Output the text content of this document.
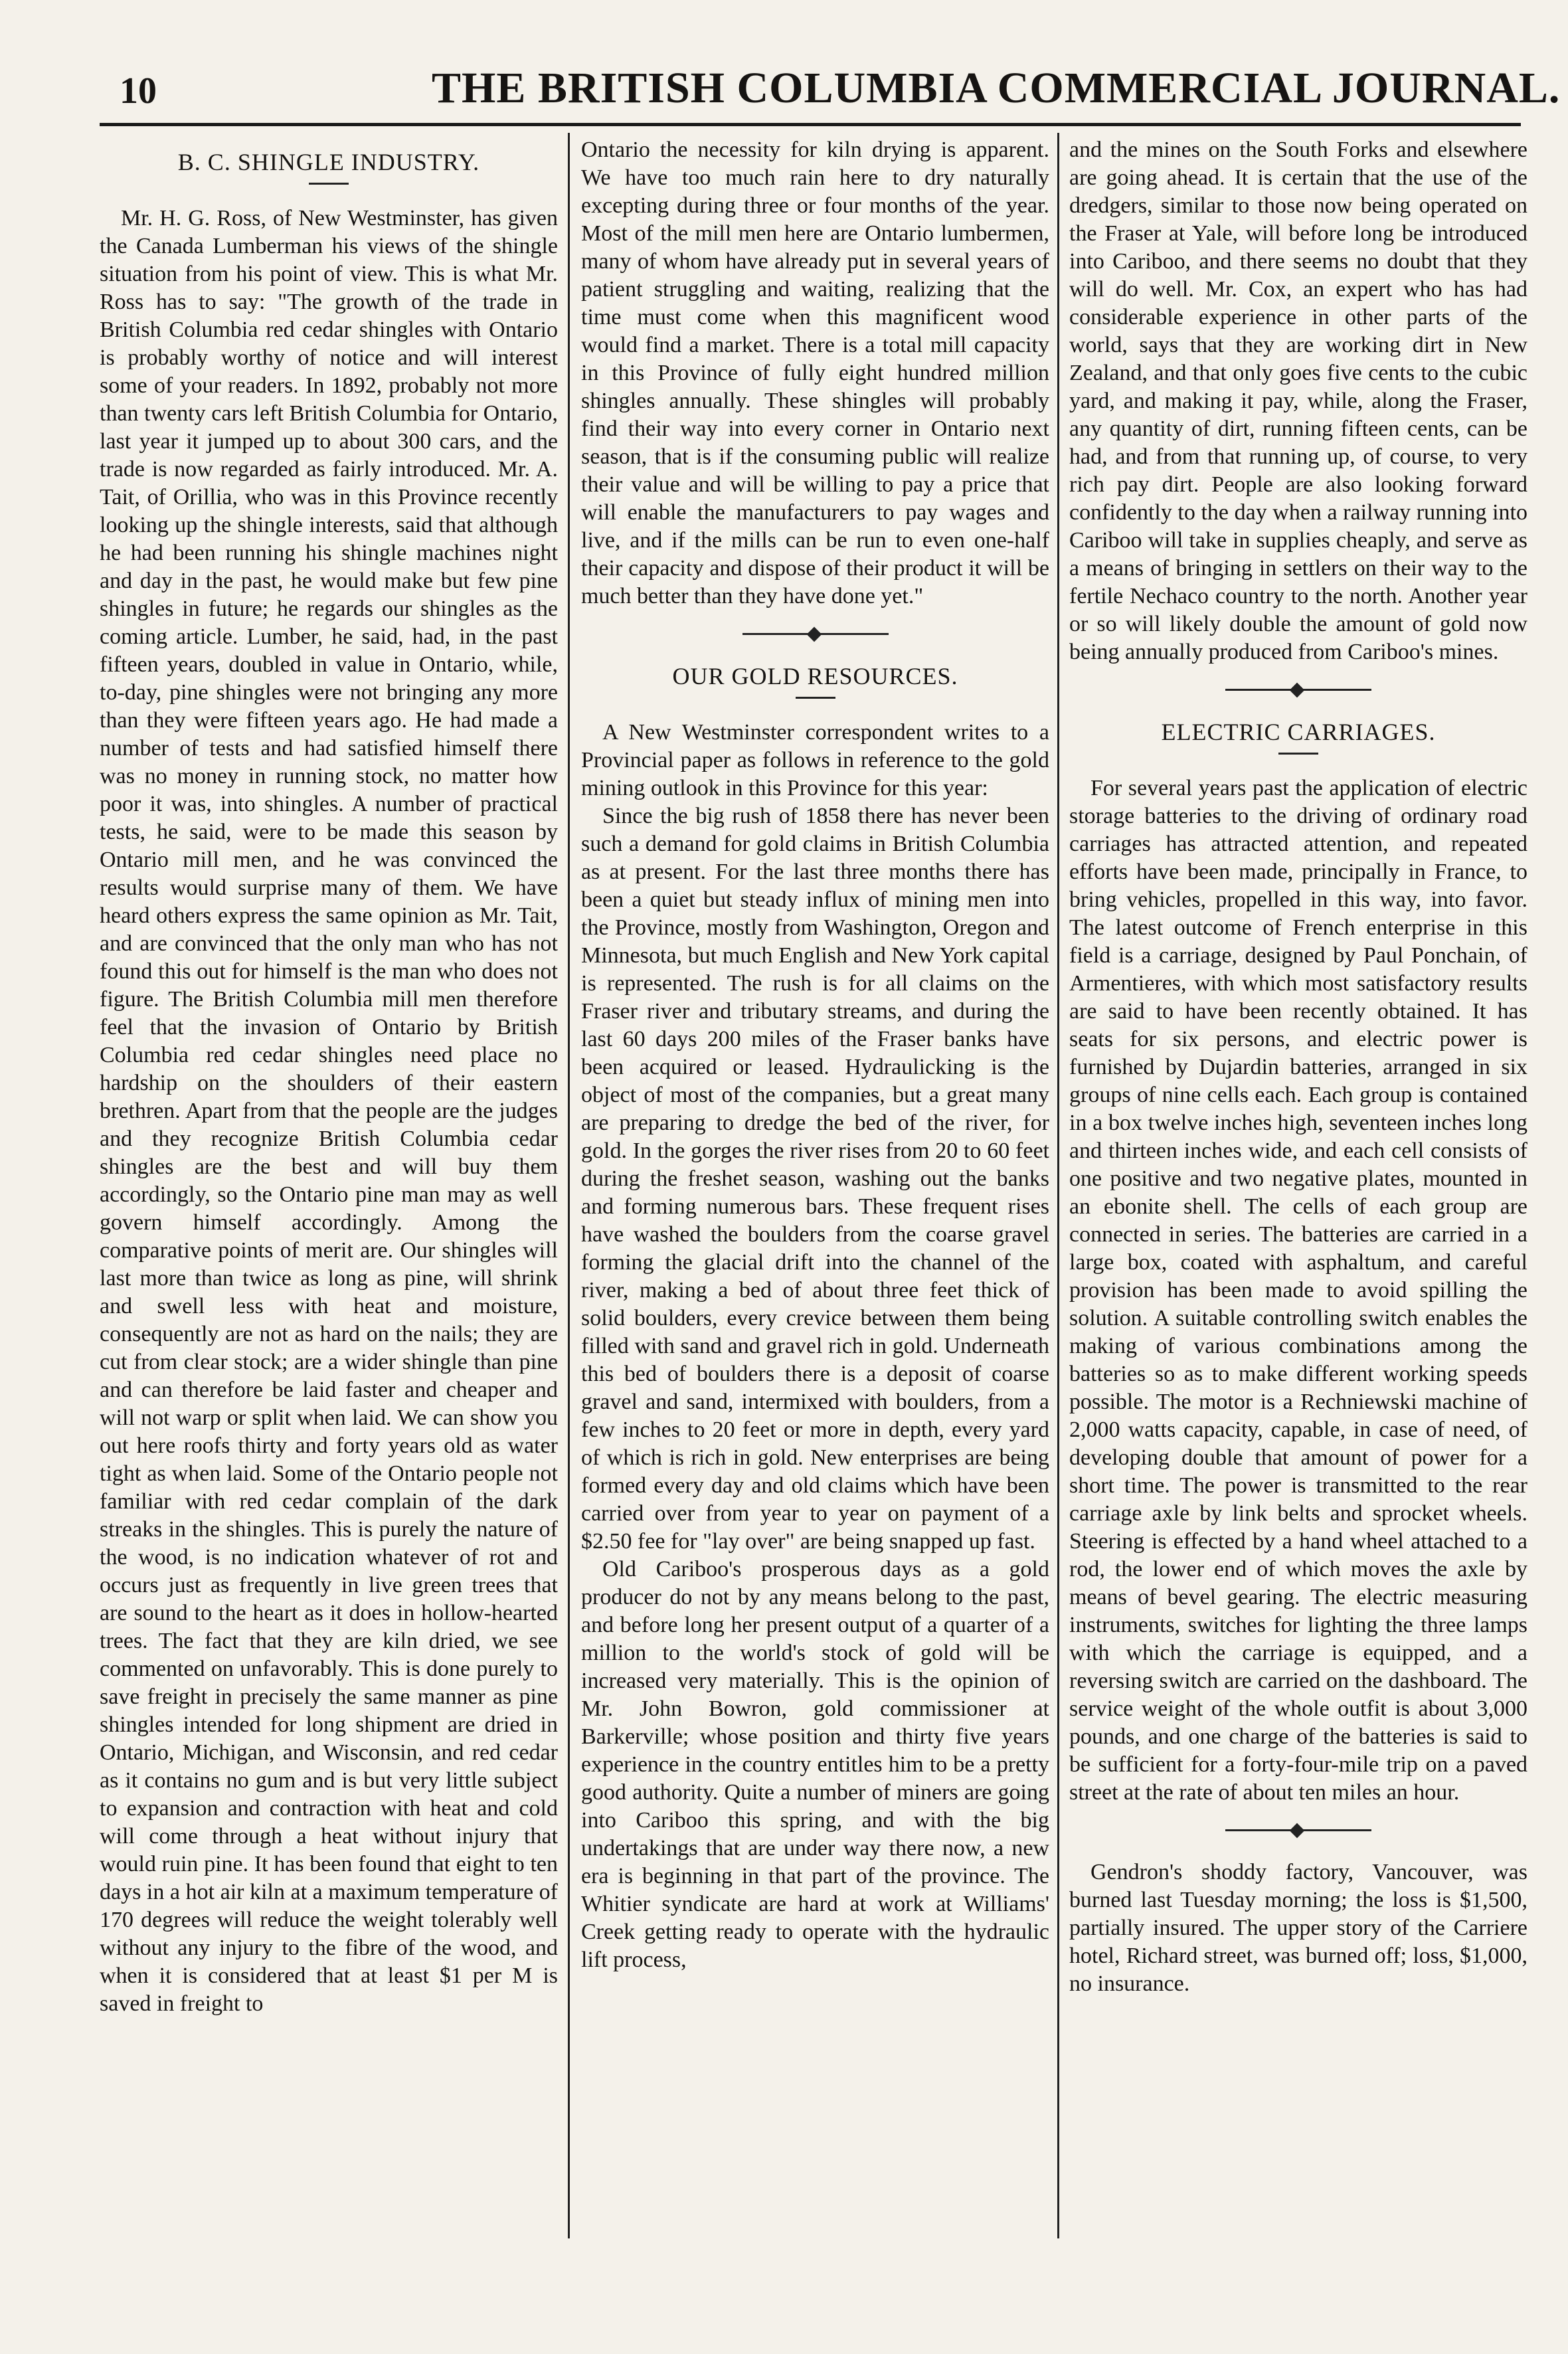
10	THE BRITISH COLUMBIA COMMERCIAL JOURNAL.
B. C. SHINGLE INDUSTRY.

Mr. H. G. Ross, of New Westminster, has given the Canada Lumberman his views of the shingle situation from his point of view. This is what Mr. Ross has to say: "The growth of the trade in British Columbia red cedar shingles with Ontario is probably worthy of notice and will interest some of your readers. In 1892, probably not more than twenty cars left British Columbia for Ontario, last year it jumped up to about 300 cars, and the trade is now regarded as fairly introduced. Mr. A. Tait, of Orillia, who was in this Province recently looking up the shingle interests, said that although he had been running his shingle machines night and day in the past, he would make but few pine shingles in future; he regards our shingles as the coming article. Lumber, he said, had, in the past fifteen years, doubled in value in Ontario, while, to-day, pine shingles were not bringing any more than they were fifteen years ago. He had made a number of tests and had satisfied himself there was no money in running stock, no matter how poor it was, into shingles. A number of practical tests, he said, were to be made this season by Ontario mill men, and he was convinced the results would surprise many of them. We have heard others express the same opinion as Mr. Tait, and are convinced that the only man who has not found this out for himself is the man who does not figure. The British Columbia mill men therefore feel that the invasion of Ontario by British Columbia red cedar shingles need place no hardship on the shoulders of their eastern brethren. Apart from that the people are the judges and they recognize British Columbia cedar shingles are the best and will buy them accordingly, so the Ontario pine man may as well govern himself accordingly. Among the comparative points of merit are. Our shingles will last more than twice as long as pine, will shrink and swell less with heat and moisture, consequently are not as hard on the nails; they are cut from clear stock; are a wider shingle than pine and can therefore be laid faster and cheaper and will not warp or split when laid. We can show you out here roofs thirty and forty years old as water tight as when laid. Some of the Ontario people not familiar with red cedar complain of the dark streaks in the shingles. This is purely the nature of the wood, is no indication whatever of rot and occurs just as frequently in live green trees that are sound to the heart as it does in hollow-hearted trees. The fact that they are kiln dried, we see commented on unfavorably. This is done purely to save freight in precisely the same manner as pine shingles intended for long shipment are dried in Ontario, Michigan, and Wisconsin, and red cedar as it contains no gum and is but very little subject to expansion and contraction with heat and cold will come through a heat without injury that would ruin pine. It has been found that eight to ten days in a hot air kiln at a maximum temperature of 170 degrees will reduce the weight tolerably well without any injury to the fibre of the wood, and when it is considered that at least $1 per M is saved in freight to

Ontario the necessity for kiln drying is apparent. We have too much rain here to dry naturally excepting during three or four months of the year. Most of the mill men here are Ontario lumbermen, many of whom have already put in several years of patient struggling and waiting, realizing that the time must come when this magnificent wood would find a market. There is a total mill capacity in this Province of fully eight hundred million shingles annually. These shingles will probably find their way into every corner in Ontario next season, that is if the consuming public will realize their value and will be willing to pay a price that will enable the manufacturers to pay wages and live, and if the mills can be run to even one-half their capacity and dispose of their product it will be much better than they have done yet."

OUR GOLD RESOURCES.

A New Westminster correspondent writes to a Provincial paper as follows in reference to the gold mining outlook in this Province for this year:

Since the big rush of 1858 there has never been such a demand for gold claims in British Columbia as at present. For the last three months there has been a quiet but steady influx of mining men into the Province, mostly from Washington, Oregon and Minnesota, but much English and New York capital is represented. The rush is for all claims on the Fraser river and tributary streams, and during the last 60 days 200 miles of the Fraser banks have been acquired or leased. Hydraulicking is the object of most of the companies, but a great many are preparing to dredge the bed of the river, for gold. In the gorges the river rises from 20 to 60 feet during the freshet season, washing out the banks and forming numerous bars. These frequent rises have washed the boulders from the coarse gravel forming the glacial drift into the channel of the river, making a bed of about three feet thick of solid boulders, every crevice between them being filled with sand and gravel rich in gold. Underneath this bed of boulders there is a deposit of coarse gravel and sand, intermixed with boulders, from a few inches to 20 feet or more in depth, every yard of which is rich in gold. New enterprises are being formed every day and old claims which have been carried over from year to year on payment of a $2.50 fee for "lay over" are being snapped up fast.

Old Cariboo's prosperous days as a gold producer do not by any means belong to the past, and before long her present output of a quarter of a million to the world's stock of gold will be increased very materially. This is the opinion of Mr. John Bowron, gold commissioner at Barkerville; whose position and thirty five years experience in the country entitles him to be a pretty good authority. Quite a number of miners are going into Cariboo this spring, and with the big undertakings that are under way there now, a new era is beginning in that part of the province. The Whitier syndicate are hard at work at Williams' Creek getting ready to operate with the hydraulic lift process,

and the mines on the South Forks and elsewhere are going ahead. It is certain that the use of the dredgers, similar to those now being operated on the Fraser at Yale, will before long be introduced into Cariboo, and there seems no doubt that they will do well. Mr. Cox, an expert who has had considerable experience in other parts of the world, says that they are working dirt in New Zealand, and that only goes five cents to the cubic yard, and making it pay, while, along the Fraser, any quantity of dirt, running fifteen cents, can be had, and from that running up, of course, to very rich pay dirt. People are also looking forward confidently to the day when a railway running into Cariboo will take in supplies cheaply, and serve as a means of bringing in settlers on their way to the fertile Nechaco country to the north. Another year or so will likely double the amount of gold now being annually produced from Cariboo's mines.

ELECTRIC CARRIAGES.

For several years past the application of electric storage batteries to the driving of ordinary road carriages has attracted attention, and repeated efforts have been made, principally in France, to bring vehicles, propelled in this way, into favor. The latest outcome of French enterprise in this field is a carriage, designed by Paul Ponchain, of Armentieres, with which most satisfactory results are said to have been recently obtained. It has seats for six persons, and electric power is furnished by Dujardin batteries, arranged in six groups of nine cells each. Each group is contained in a box twelve inches high, seventeen inches long and thirteen inches wide, and each cell consists of one positive and two negative plates, mounted in an ebonite shell. The cells of each group are connected in series. The batteries are carried in a large box, coated with asphaltum, and careful provision has been made to avoid spilling the solution. A suitable controlling switch enables the making of various combinations among the batteries so as to make different working speeds possible. The motor is a Rechniewski machine of 2,000 watts capacity, capable, in case of need, of developing double that amount of power for a short time. The power is transmitted to the rear carriage axle by link belts and sprocket wheels. Steering is effected by a hand wheel attached to a rod, the lower end of which moves the axle by means of bevel gearing. The electric measuring instruments, switches for lighting the three lamps with which the carriage is equipped, and a reversing switch are carried on the dashboard. The service weight of the whole outfit is about 3,000 pounds, and one charge of the batteries is said to be sufficient for a forty-four-mile trip on a paved street at the rate of about ten miles an hour.

Gendron's shoddy factory, Vancouver, was burned last Tuesday morning; the loss is $1,500, partially insured. The upper story of the Carriere hotel, Richard street, was burned off; loss, $1,000, no insurance.
